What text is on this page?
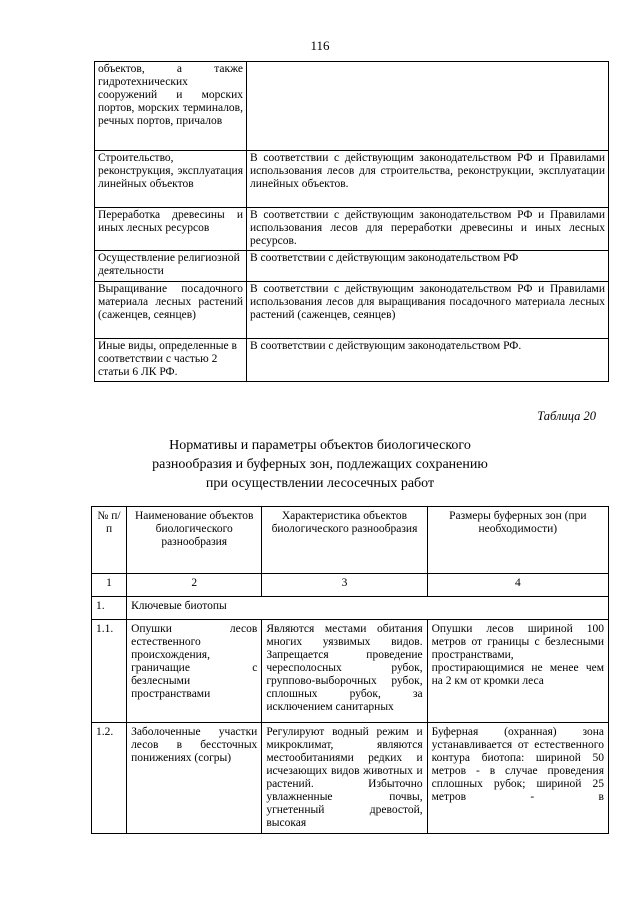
116
объектов, а также гидротехнических сооружений и морских портов, морских терминалов, речных портов, причалов	
Строительство, реконструкция, эксплуатация линейных объектов	В соответствии с действующим законодательством РФ и Правилами использования лесов для строительства, реконструкции, эксплуатации линейных объектов.
Переработка древесины и иных лесных ресурсов	В соответствии с действующим законодательством РФ и Правилами использования лесов для переработки древесины и иных лесных ресурсов.
Осуществление религиозной деятельности	В соответствии с действующим законодательством РФ
Выращивание посадочного материала лесных растений (саженцев, сеянцев)	В соответствии с действующим законодательством РФ и Правилами использования лесов для выращивания посадочного материала лесных растений (саженцев, сеянцев)
Иные виды, определенные в соответствии с частью 2 статьи 6 ЛК РФ.	В соответствии с действующим законодательством РФ.
Таблица 20
Нормативы и параметры объектов биологического
разнообразия и буферных зон, подлежащих сохранению
при осуществлении лесосечных работ
№ п/п	Наименование объектов биологического разнообразия	Характеристика объектов биологического разнообразия	Размеры буферных зон (при необходимости)
1	2	3	4
1.	Ключевые биотопы		
1.1.	Опушки лесов естественного происхождения, граничащие с безлесными пространствами	Являются местами обитания многих уязвимых видов. Запрещается проведение чересполосных рубок, группово-выборочных рубок, сплошных рубок, за исключением санитарных	Опушки лесов шириной 100 метров от границы с безлесными пространствами, простирающимися не менее чем на 2 км от кромки леса
1.2.	Заболоченные участки лесов в бессточных понижениях (согры)	Регулируют водный режим и микроклимат, являются местообитаниями редких и исчезающих видов животных и растений. Избыточно увлажненные почвы, угнетенный древостой, высокая	Буферная (охранная) зона устанавливается от естественного контура биотопа: шириной 50 метров - в случае проведения сплошных рубок; шириной 25 метров - в
